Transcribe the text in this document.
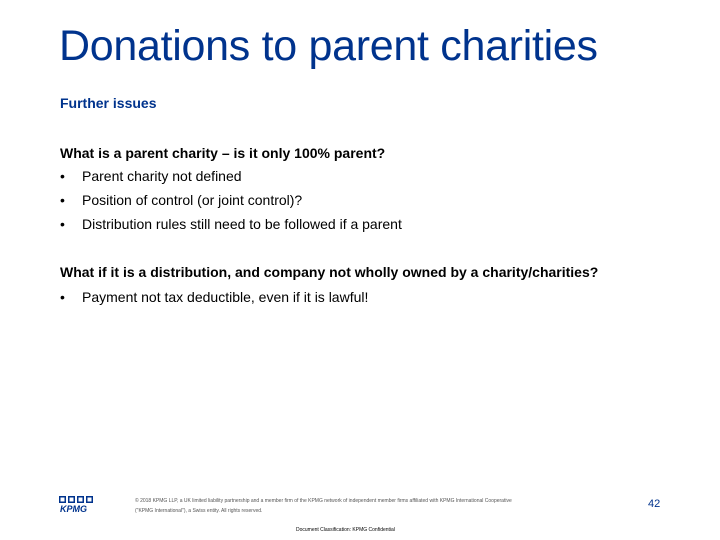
Donations to parent charities
Further issues
What is a parent charity – is it only 100% parent?
• Parent charity not defined
• Position of control (or joint control)?
• Distribution rules still need to be followed if a parent
What if it is a distribution, and company not wholly owned by a charity/charities?
• Payment not tax deductible, even if it is lawful!
KPMG
© 2018 KPMG LLP, a UK limited liability partnership and a member firm of the KPMG network of independent member firms affiliated with KPMG International Cooperative
("KPMG International"), a Swiss entity. All rights reserved.
42
Document Classification: KPMG Confidential
